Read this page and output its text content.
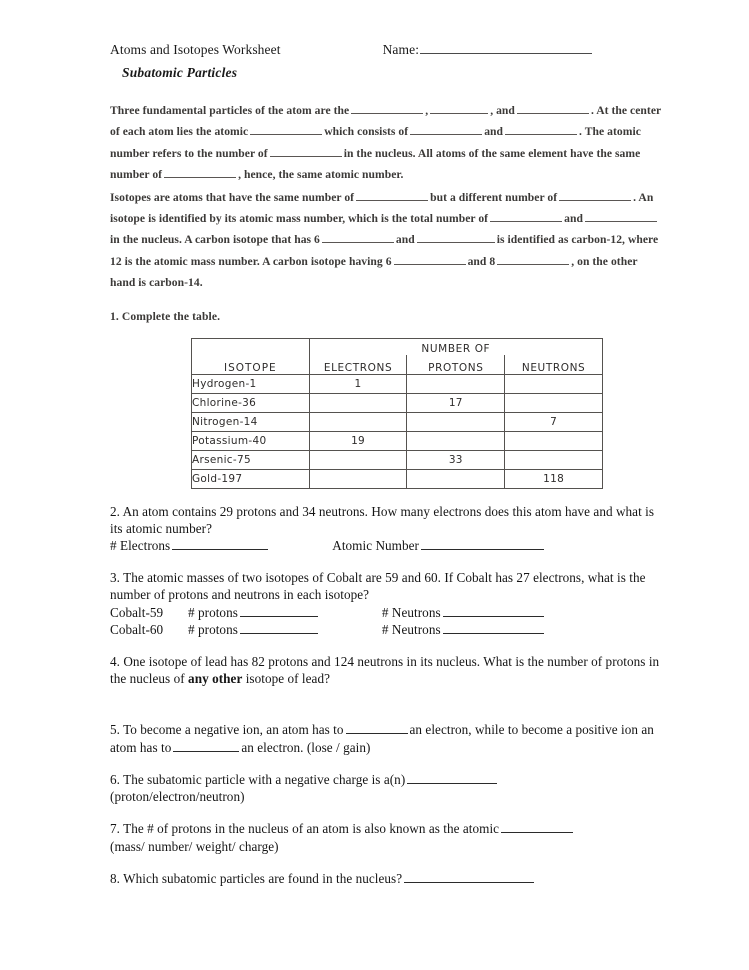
Atoms and Isotopes Worksheet	Name:
Subatomic Particles

Three fundamental particles of the atom are the	,	, and	. At the center of each atom lies the atomic	which consists of	and	. The atomic number refers to the number of	in the nucleus. All atoms of the same element have the same number of	, hence, the same atomic number.

Isotopes are atoms that have the same number of	but a different number of	. An isotope is identified by its atomic mass number, which is the total number of	andin the nucleus. A carbon isotope that has 6	and	is identified as carbon-12, where 12 is the atomic mass number. A carbon isotope having 6	and 8	, on the other hand is carbon-14.

1. Complete the table.
ISOTOPE	NUMBER OF		
	ELECTRONS	PROTONS	NEUTRONS
Hydrogen-1	1		
Chlorine-36		17	
Nitrogen-14			7
Potassium-40	19		
Arsenic-75		33	
Gold-197			118

2. An atom contains 29 protons and 34 neutrons. How many electrons does this atom have and what is its atomic number?

# Electrons	Atomic Number

3. The atomic masses of two isotopes of Cobalt are 59 and 60. If Cobalt has 27 electrons, what is the number of protons and neutrons in each isotope?

Cobalt-59 # protons	# Neutrons

Cobalt-60 # protons	# Neutrons

4. One isotope of lead has 82 protons and 124 neutrons in its nucleus. What is the number of protons in the nucleus of any other isotope of lead?

5. To become a negative ion, an atom has to	an electron, while to become a positive ion an atom has to	an electron. (lose / gain)

6. The subatomic particle with a negative charge is a(n)

(proton/electron/neutron)

7. The # of protons in the nucleus of an atom is also known as the atomic

(mass/ number/ weight/ charge)

8. Which subatomic particles are found in the nucleus?
